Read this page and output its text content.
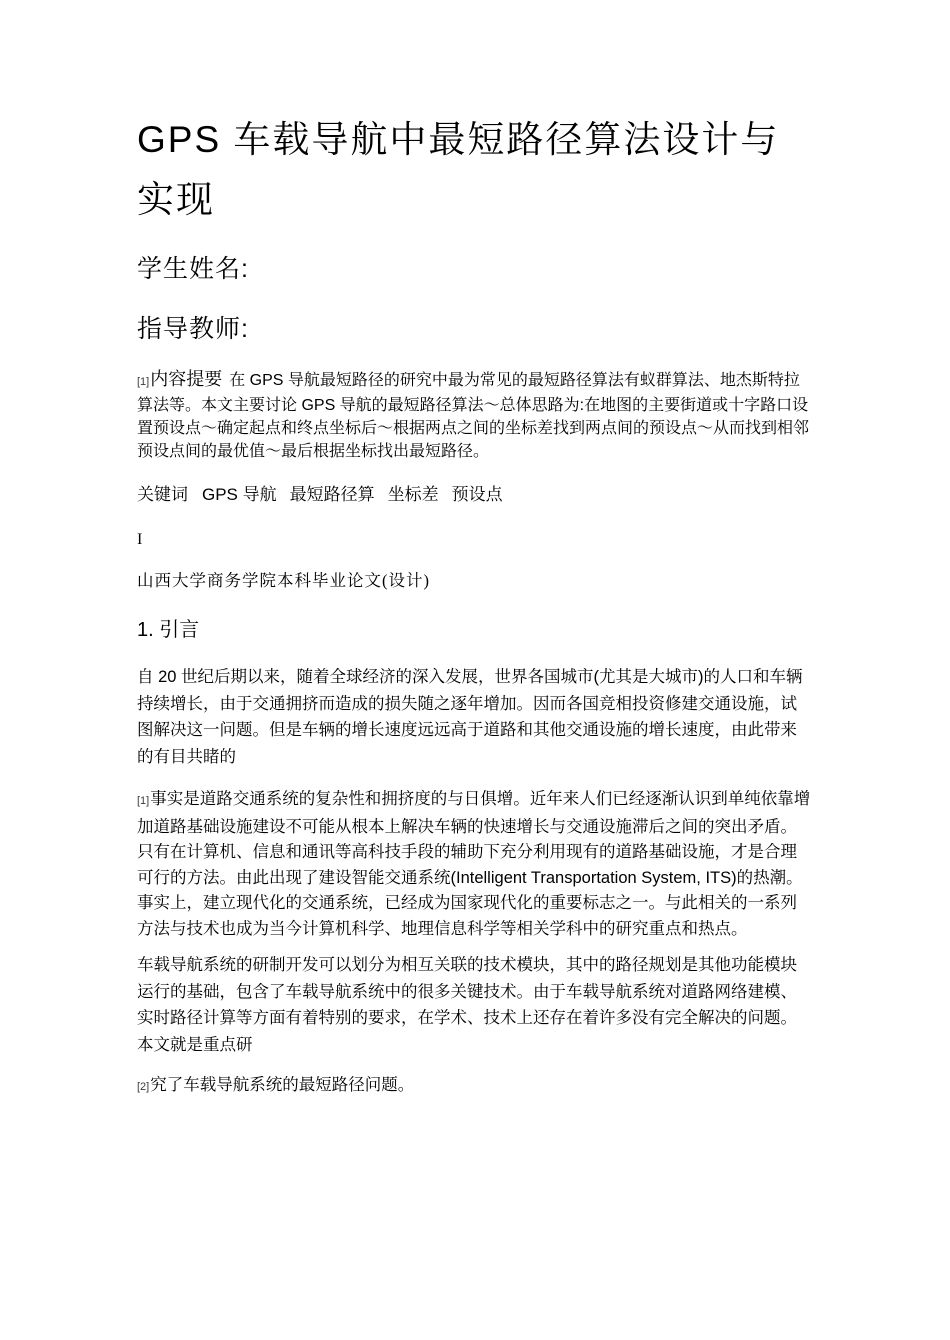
GPS 车载导航中最短路径算法设计与实现
学生姓名:
指导教师:

[1]内容提要 在 GPS 导航最短路径的研究中最为常见的最短路径算法有蚁群算法、地杰斯特拉算法等。本文主要讨论 GPS 导航的最短路径算法～总体思路为:在地图的主要街道或十字路口设置预设点～确定起点和终点坐标后～根据两点之间的坐标差找到两点间的预设点～从而找到相邻预设点间的最优值～最后根据坐标找出最短路径。

关键词 GPS 导航 最短路径算 坐标差 预设点
I
山西大学商务学院本科毕业论文(设计)
1. 引言

自 20 世纪后期以来，随着全球经济的深入发展，世界各国城市(尤其是大城市)的人口和车辆持续增长，由于交通拥挤而造成的损失随之逐年增加。因而各国竞相投资修建交通设施，试图解决这一问题。但是车辆的增长速度远远高于道路和其他交通设施的增长速度，由此带来的有目共睹的

[1]事实是道路交通系统的复杂性和拥挤度的与日俱增。近年来人们已经逐渐认识到单纯依靠增加道路基础设施建设不可能从根本上解决车辆的快速增长与交通设施滞后之间的突出矛盾。只有在计算机、信息和通讯等高科技手段的辅助下充分利用现有的道路基础设施，才是合理可行的方法。由此出现了建设智能交通系统(Intelligent Transportation System, ITS)的热潮。事实上，建立现代化的交通系统，已经成为国家现代化的重要标志之一。与此相关的一系列方法与技术也成为当今计算机科学、地理信息科学等相关学科中的研究重点和热点。

车载导航系统的研制开发可以划分为相互关联的技术模块，其中的路径规划是其他功能模块运行的基础，包含了车载导航系统中的很多关键技术。由于车载导航系统对道路网络建模、实时路径计算等方面有着特别的要求，在学术、技术上还存在着许多没有完全解决的问题。本文就是重点研

[2]究了车载导航系统的最短路径问题。
